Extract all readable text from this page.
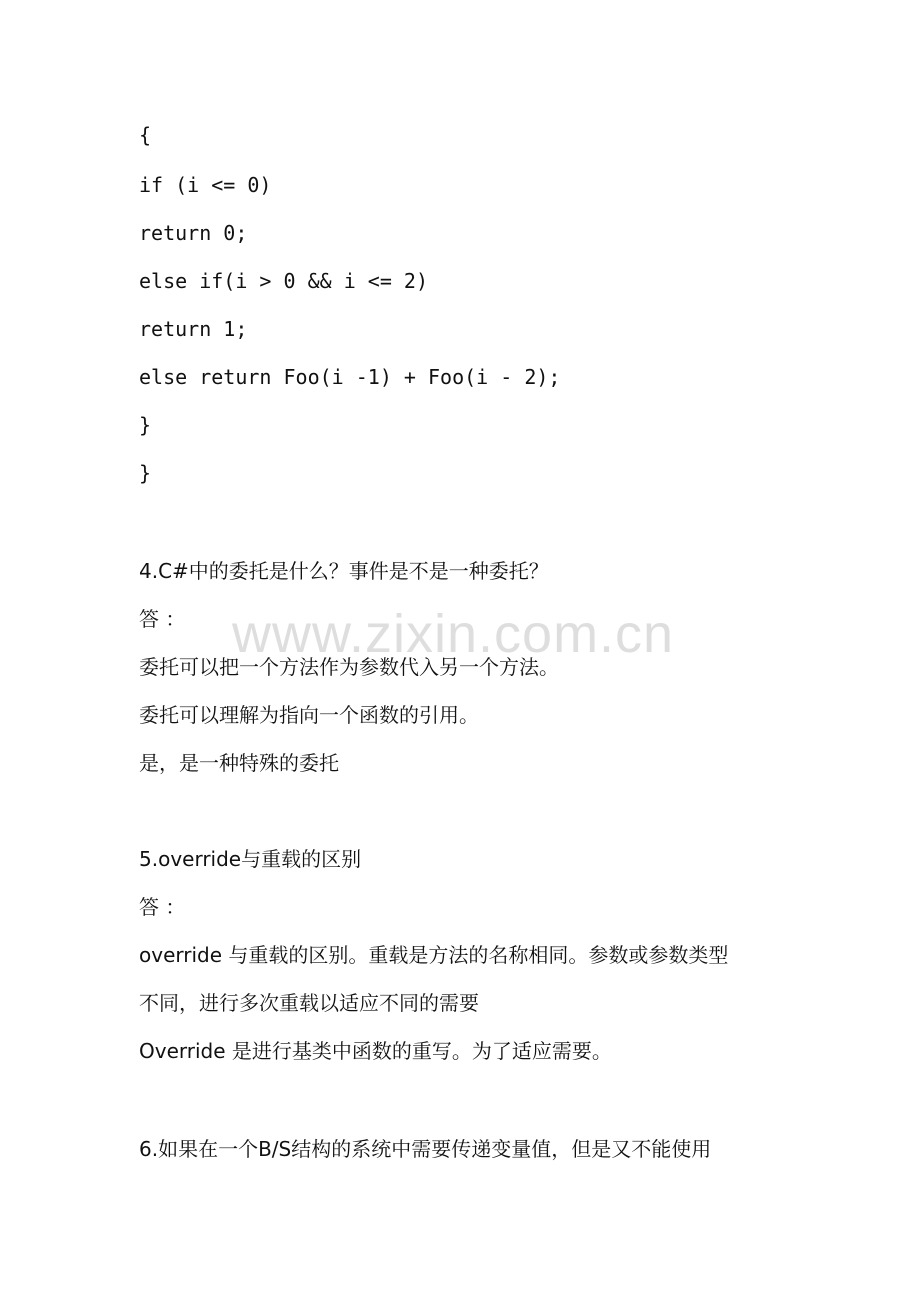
{
if (i <= 0)
return 0;
else if(i > 0 && i <= 2)
return 1;
else return Foo(i -1) + Foo(i - 2);
}
}
4.C#中的委托是什么？事件是不是一种委托？
答 ：
委托可以把一个方法作为参数代入另一个方法。
委托可以理解为指向一个函数的引用。
是，是一种特殊的委托
5.override与重载的区别
答 ：
override 与重载的区别。重载是方法的名称相同。参数或参数类型
不同，进行多次重载以适应不同的需要
Override 是进行基类中函数的重写。为了适应需要。
6.如果在一个B/S结构的系统中需要传递变量值，但是又不能使用
www.zixin.com.cn
